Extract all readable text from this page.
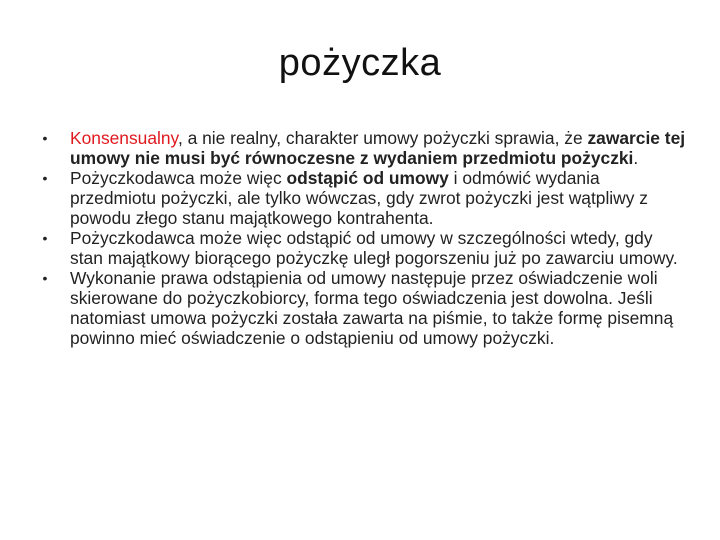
pożyczka
• Konsensualny, a nie realny, charakter umowy pożyczki sprawia, że zawarcie tej umowy nie musi być równoczesne z wydaniem przedmiotu pożyczki.
• Pożyczkodawca może więc odstąpić od umowy i odmówić wydania przedmiotu pożyczki, ale tylko wówczas, gdy zwrot pożyczki jest wątpliwy z powodu złego stanu majątkowego kontrahenta.
• Pożyczkodawca może więc odstąpić od umowy w szczególności wtedy, gdy stan majątkowy biorącego pożyczkę uległ pogorszeniu już po zawarciu umowy.
• Wykonanie prawa odstąpienia od umowy następuje przez oświadczenie woli skierowane do pożyczkobiorcy, forma tego oświadczenia jest dowolna. Jeśli natomiast umowa pożyczki została zawarta na piśmie, to także formę pisemną powinno mieć oświadczenie o odstąpieniu od umowy pożyczki.
